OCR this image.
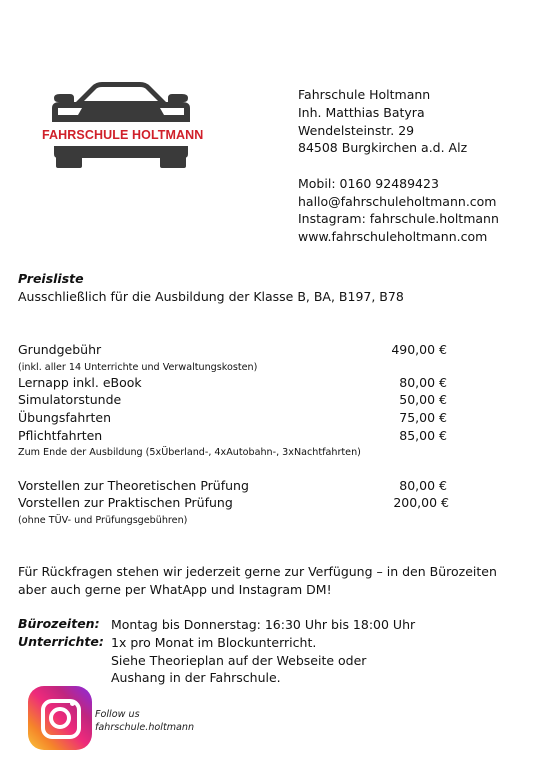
FAHRSCHULE HOLTMANN
Fahrschule Holtmann
Inh. Matthias Batyra
Wendelsteinstr. 29
84508 Burgkirchen a.d. Alz
Mobil: 0160 92489423
hallo@fahrschuleholtmann.com
Instagram: fahrschule.holtmann
www.fahrschuleholtmann.com
Preisliste
Ausschließlich für die Ausbildung der Klasse B, BA, B197, B78
Grundgebühr	490,00 €
(inkl. aller 14 Unterrichte und Verwaltungskosten)
Lernapp inkl. eBook	80,00 €
Simulatorstunde	50,00 €
Übungsfahrten	75,00 €
Pflichtfahrten	85,00 €
Zum Ende der Ausbildung (5xÜberland-, 4xAutobahn-, 3xNachtfahrten)
Vorstellen zur Theoretischen Prüfung	80,00 €
Vorstellen zur Praktischen Prüfung	200,00 €
(ohne TÜV- und Prüfungsgebühren)
Für Rückfragen stehen wir jederzeit gerne zur Verfügung – in den Bürozeiten aber auch gerne per WhatApp und Instagram DM!
Bürozeiten: Montag bis Donnerstag: 16:30 Uhr bis 18:00 Uhr
Unterrichte: 1x pro Monat im Blockunterricht.
Siehe Theorieplan auf der Webseite oder
Aushang in der Fahrschule.
Follow us
fahrschule.holtmann
